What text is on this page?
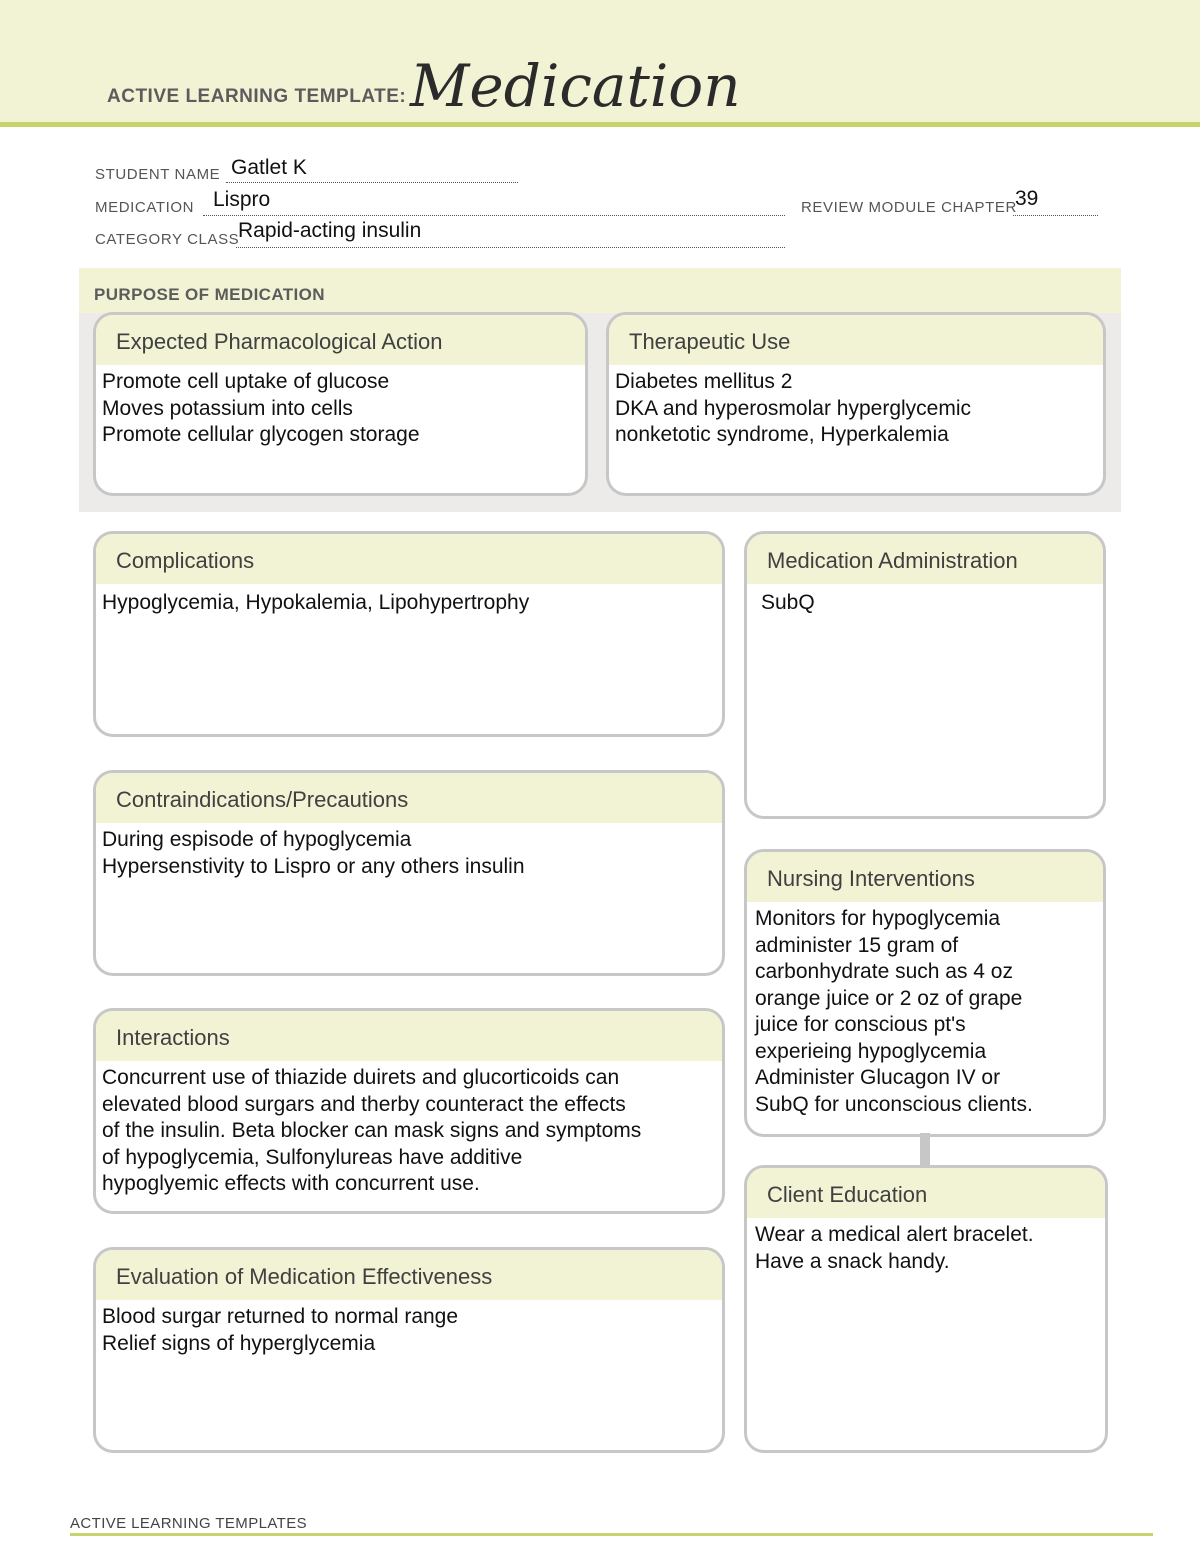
ACTIVE LEARNING TEMPLATE: Medication
STUDENT NAME Gatlet K
MEDICATION Lispro	REVIEW MODULE CHAPTER
39
CATEGORY CLASS
Rapid-acting insulin
PURPOSE OF MEDICATION
Expected Pharmacological Action
Promote cell uptake of glucose
Moves potassium into cells
Promote cellular glycogen storage
Therapeutic Use
Diabetes mellitus 2
DKA and hyperosmolar hyperglycemic
nonketotic syndrome, Hyperkalemia
Complications
Hypoglycemia, Hypokalemia, Lipohypertrophy
Medication Administration
SubQ
Contraindications/Precautions
During espisode of hypoglycemia
Hypersenstivity to Lispro or any others insulin	Nursing Interventions
Monitors for hypoglycemia
administer 15 gram of
carbonhydrate such as 4 oz
orange juice or 2 oz of grape
juice for conscious pt's
experieing hypoglycemia
Administer Glucagon IV or
SubQ for unconscious clients.
Interactions
Concurrent use of thiazide duirets and glucorticoids can
elevated blood surgars and therby counteract the effects
of the insulin. Beta blocker can mask signs and symptoms
of hypoglycemia, Sulfonylureas have additive
hypoglyemic effects with concurrent use.	Client Education
Wear a medical alert bracelet.
Have a snack handy.
Evaluation of Medication Effectiveness
Blood surgar returned to normal range
Relief signs of hyperglycemia
ACTIVE LEARNING TEMPLATES
